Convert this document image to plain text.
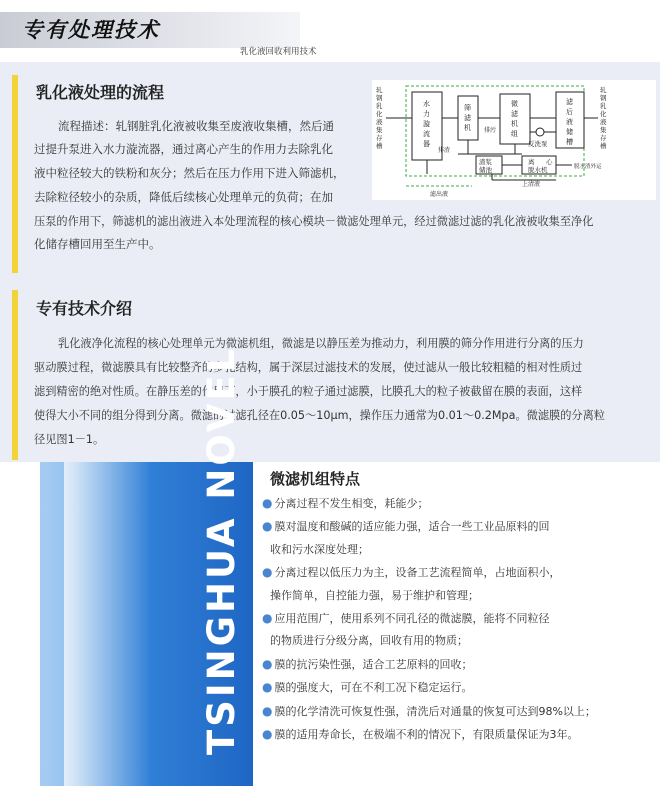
专有处理技术
乳化液回收利用技术
乳化液处理的流程
流程描述：轧钢脏乳化液被收集至废液收集槽，然后通
过提升泵进入水力漩流器，通过离心产生的作用力去除乳化
液中粒径较大的铁粉和灰分；然后在压力作用下进入筛滤机，
去除粒径较小的杂质，降低后续核心处理单元的负荷；在加
压泵的作用下，筛滤机的滤出液进入本处理流程的核心模块－微滤处理单元，经过微滤过滤的乳化液被收集至净化
化储存槽回用至生产中。
轧
钢
乳
化
液
集
存
槽
水
力
漩
流
器
筛
滤
机
微
滤
机
组
滤
后
液
储
槽
轧
钢
乳
化
液
集
存
槽
反洗泵
排污
排渣
渣浆
储池
离 心
脱水机	脱水渣外运
上清液
滤出液
专有技术介绍
乳化液净化流程的核心处理单元为微滤机组，微滤是以静压差为推动力，利用膜的筛分作用进行分离的压力
驱动膜过程，微滤膜具有比较整齐的多孔结构，属于深层过滤技术的发展，使过滤从一般比较粗糙的相对性质过
滤到精密的绝对性质。在静压差的作用下，小于膜孔的粒子通过滤膜，比膜孔大的粒子被截留在膜的表面，这样
使得大小不同的组分得到分离。微滤的过滤孔径在0.05～10μm，操作压力通常为0.01～0.2Mpa。微滤膜的分离粒
径见图1－1。	TSINGHUA NOVEL 微滤机组特点
● 分离过程不发生相变，耗能少；
● 膜对温度和酸碱的适应能力强，适合一些工业品原料的回
收和污水深度处理；
● 分离过程以低压力为主，设备工艺流程简单，占地面积小，
操作简单，自控能力强，易于维护和管理；
● 应用范围广，使用系列不同孔径的微滤膜，能将不同粒径
的物质进行分级分离，回收有用的物质；
● 膜的抗污染性强，适合工艺原料的回收；
● 膜的强度大，可在不利工况下稳定运行。
● 膜的化学清洗可恢复性强，清洗后对通量的恢复可达到98%以上；
● 膜的适用寿命长，在极端不利的情况下，有限质量保证为3年。
